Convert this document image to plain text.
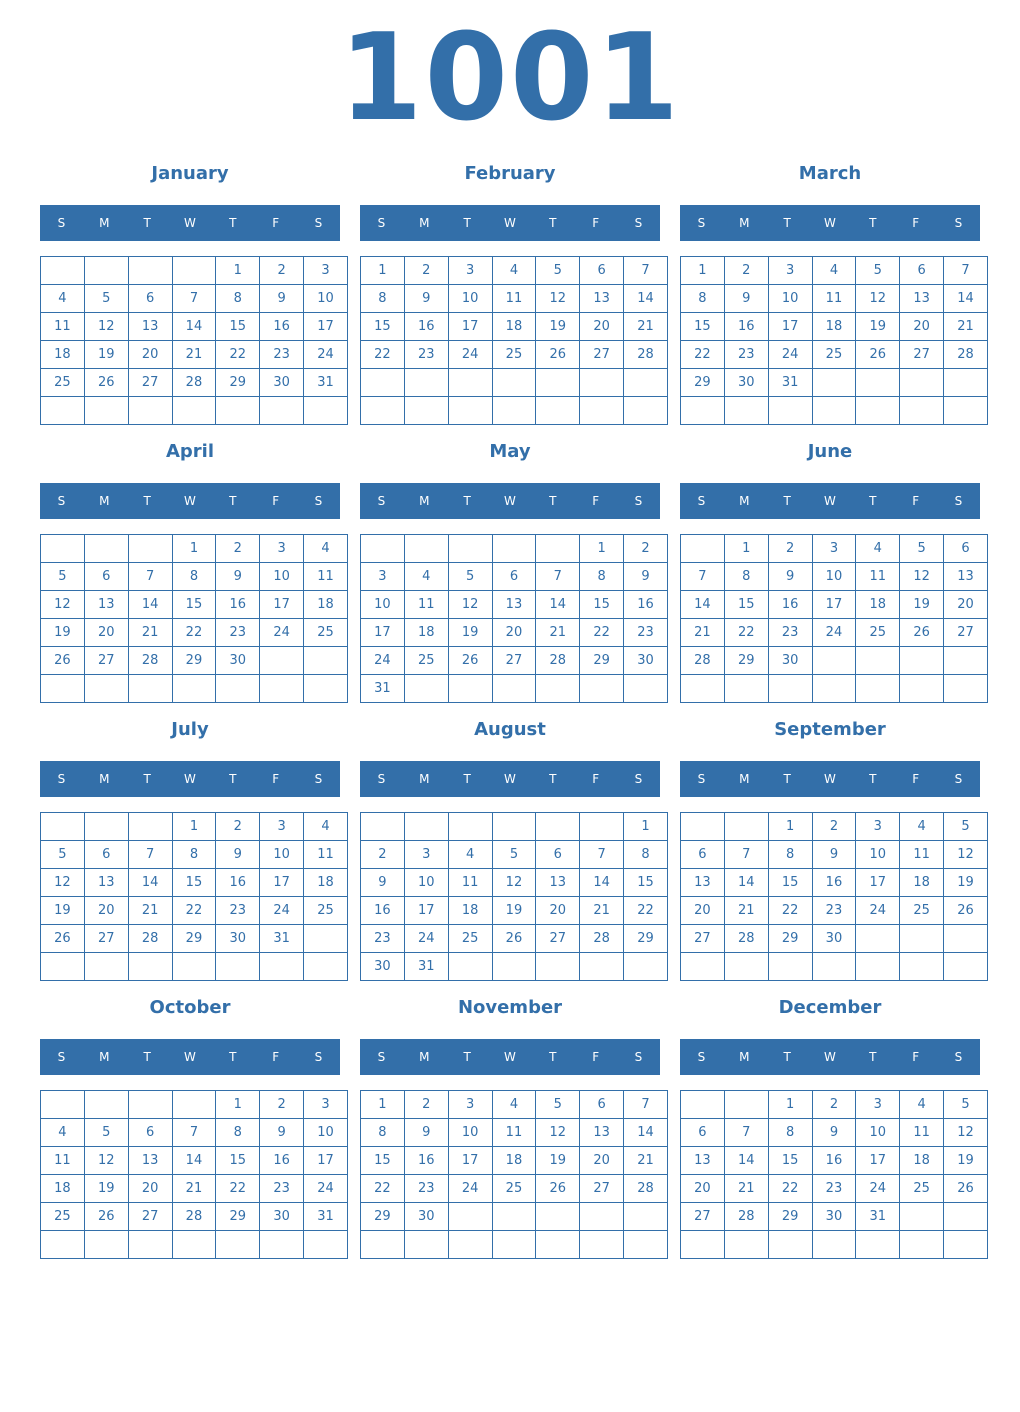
1001
January
S	M	T	W	T	F	S
				1	2	3
4	5	6	7	8	9	10
11	12	13	14	15	16	17
18	19	20	21	22	23	24
25	26	27	28	29	30	31

February
S	M	T	W	T	F	S
1	2	3	4	5	6	7
8	9	10	11	12	13	14
15	16	17	18	19	20	21
22	23	24	25	26	27	28

March
S	M	T	W	T	F	S
1	2	3	4	5	6	7
8	9	10	11	12	13	14
15	16	17	18	19	20	21
22	23	24	25	26	27	28
29	30	31				

April
S	M	T	W	T	F	S
			1	2	3	4
5	6	7	8	9	10	11
12	13	14	15	16	17	18
19	20	21	22	23	24	25
26	27	28	29	30		

May
S	M	T	W	T	F	S
					1	2
3	4	5	6	7	8	9
10	11	12	13	14	15	16
17	18	19	20	21	22	23
24	25	26	27	28	29	30
31						
June
S	M	T	W	T	F	S
	1	2	3	4	5	6
7	8	9	10	11	12	13
14	15	16	17	18	19	20
21	22	23	24	25	26	27
28	29	30				

July
S	M	T	W	T	F	S
			1	2	3	4
5	6	7	8	9	10	11
12	13	14	15	16	17	18
19	20	21	22	23	24	25
26	27	28	29	30	31	

August
S	M	T	W	T	F	S
						1
2	3	4	5	6	7	8
9	10	11	12	13	14	15
16	17	18	19	20	21	22
23	24	25	26	27	28	29
30	31					
September
S	M	T	W	T	F	S
		1	2	3	4	5
6	7	8	9	10	11	12
13	14	15	16	17	18	19
20	21	22	23	24	25	26
27	28	29	30			

October
S	M	T	W	T	F	S
				1	2	3
4	5	6	7	8	9	10
11	12	13	14	15	16	17
18	19	20	21	22	23	24
25	26	27	28	29	30	31

November
S	M	T	W	T	F	S
1	2	3	4	5	6	7
8	9	10	11	12	13	14
15	16	17	18	19	20	21
22	23	24	25	26	27	28
29	30					

December
S	M	T	W	T	F	S
		1	2	3	4	5
6	7	8	9	10	11	12
13	14	15	16	17	18	19
20	21	22	23	24	25	26
27	28	29	30	31		
